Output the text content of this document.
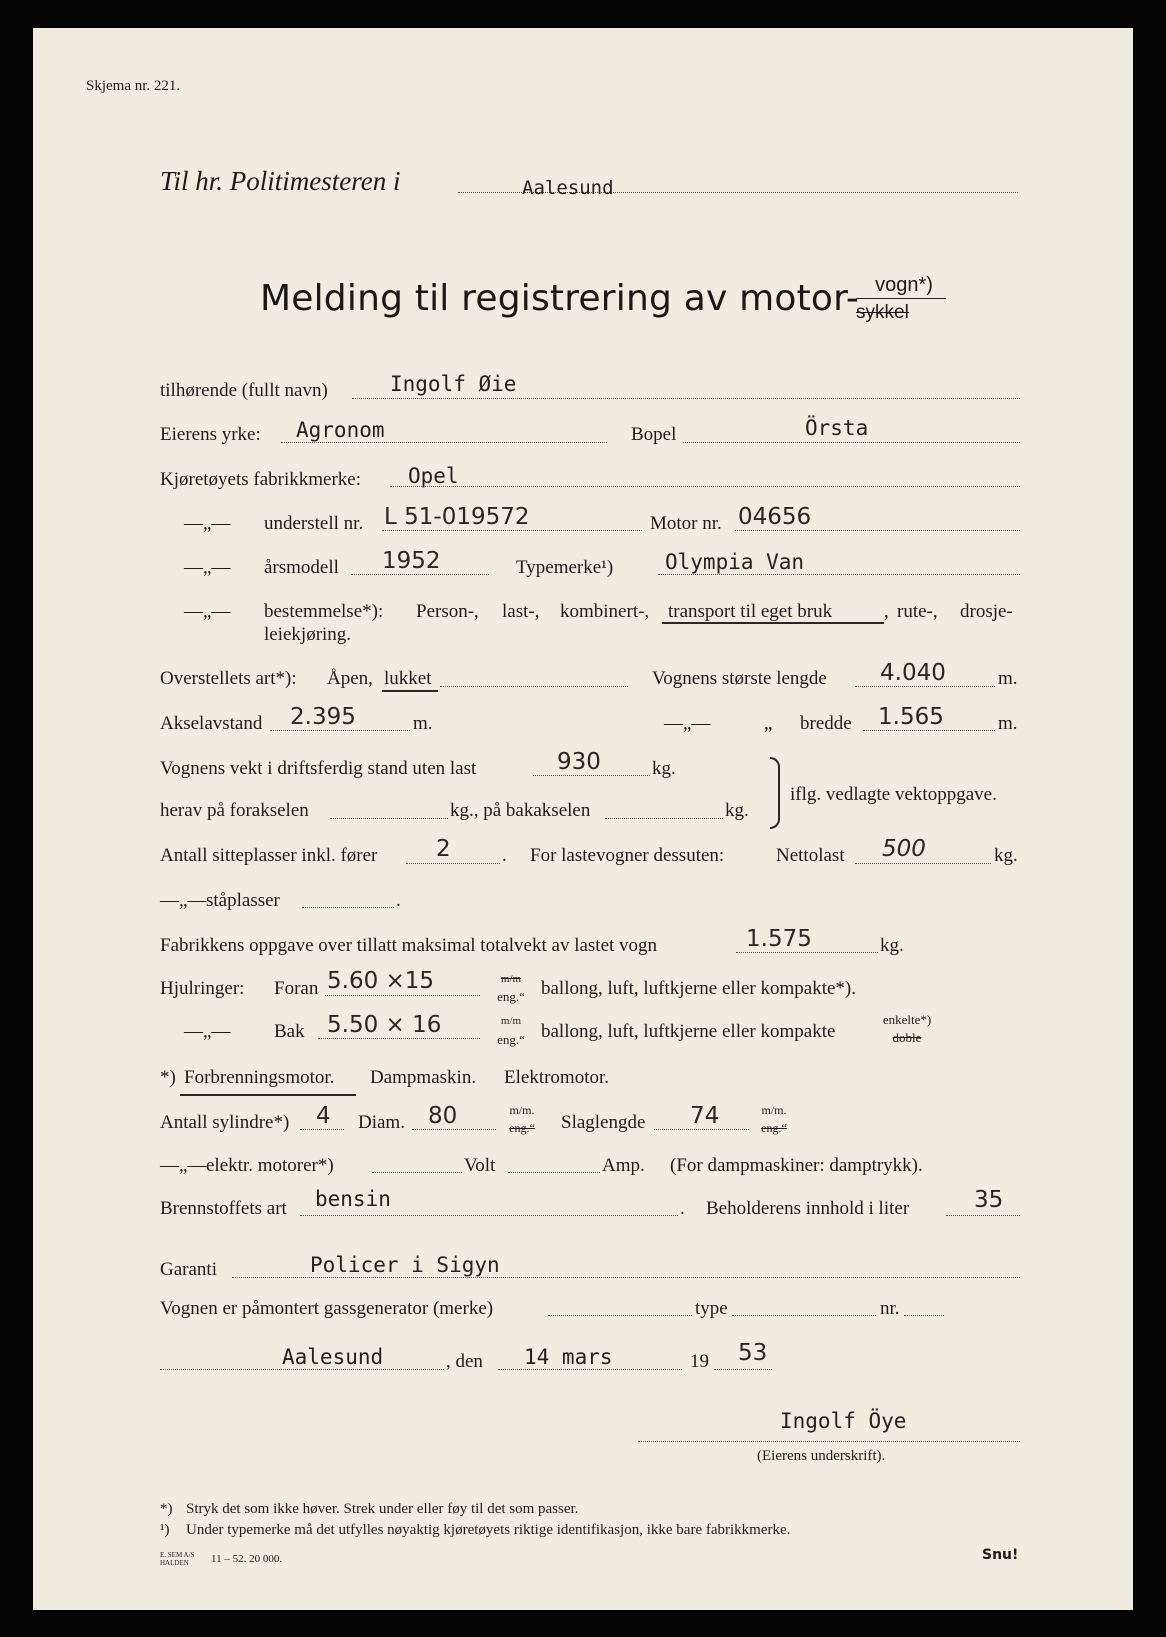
Skjema nr. 221.
Til hr. Politimesteren i	Aalesund
Melding til registrering av motor- vogn*)
sykkel
tilhørende (fullt navn)	Ingolf Øie
Eierens yrke: Agronom	Bopel	Örsta
Kjøretøyets fabrikkmerke: Opel
—„— understell nr. L 51-019572	Motor nr. 04656
—„— årsmodell 1952	Typemerke¹) Olympia Van
—„— bestemmelse*): Person-, last-, kombinert-, transport til eget bruk	, rute-, drosje-
leiekjøring.
Overstellets art*): Åpen, lukket	Vognens største lengde 4.040	m.
Akselavstand 2.395	m.	—„—	„ bredde 1.565	m.
Vognens vekt i driftsferdig stand uten last	930	kg.
herav på forakselen	kg., på bakakselen	kg.
iflg. vedlagte vektoppgave.
Antall sitteplasser inkl. fører	2	. For lastevogner dessuten:	Nettolast 500	kg.
—„— ståplasser	.
Fabrikkens oppgave over tillatt maksimal totalvekt av lastet vogn	1.575	kg.
Hjulringer: Foran 5.60 ×15	m/m
eng.“ ballong, luft, luftkjerne eller kompakte*).
—„— Bak 5.50 × 16	m/m
eng.“ ballong, luft, luftkjerne eller kompakte
enkelte*)
doble
*) Forbrenningsmotor. Dampmaskin. Elektromotor.
Antall sylindre*) 4 Diam. 80	m/m.
eng.“	Slaglengde 74	m/m.
eng.“
—„— elektr. motorer*)	Volt	Amp. (For dampmaskiner: damptrykk).
Brennstoffets art bensin	. Beholderens innhold i liter	35
Garanti	Policer i Sigyn
Vognen er påmontert gassgenerator (merke)	type	nr.
Aalesund	, den 14 mars	19 53
Ingolf Öye
(Eierens underskrift).
*) Stryk det som ikke høver. Strek under eller føy til det som passer.
¹) Under typemerke må det utfylles nøyaktig kjøretøyets riktige identifikasjon, ikke bare fabrikkmerke.
E. SEM A/S
HALDEN 11 – 52. 20 000.	Snu!
